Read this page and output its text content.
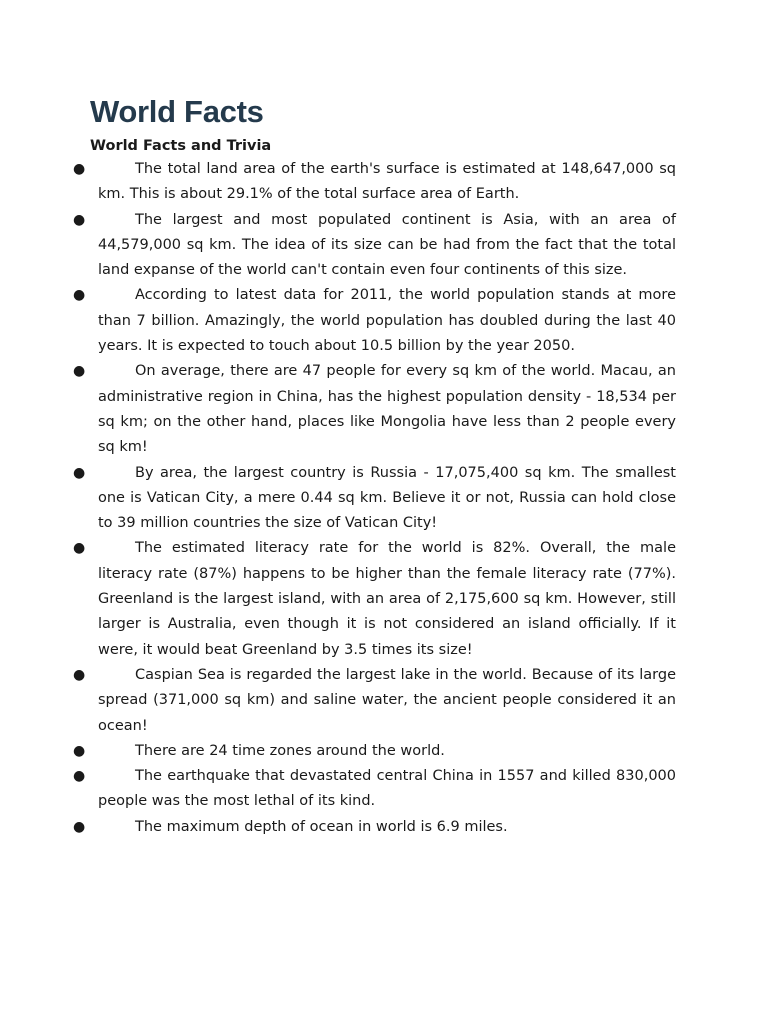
World Facts
World Facts and Trivia
●	The total land area of the earth's surface is estimated at 148,647,000 sq km. This is about 29.1% of the total surface area of Earth.
●	The largest and most populated continent is Asia, with an area of 44,579,000 sq km. The idea of its size can be had from the fact that the total land expanse of the world can't contain even four continents of this size.
●	According to latest data for 2011, the world population stands at more than 7 billion. Amazingly, the world population has doubled during the last 40 years. It is expected to touch about 10.5 billion by the year 2050.
●	On average, there are 47 people for every sq km of the world. Macau, an administrative region in China, has the highest population density - 18,534 per sq km; on the other hand, places like Mongolia have less than 2 people every sq km!
●	By area, the largest country is Russia - 17,075,400 sq km. The smallest one is Vatican City, a mere 0.44 sq km. Believe it or not, Russia can hold close to 39 million countries the size of Vatican City!
●	The estimated literacy rate for the world is 82%. Overall, the male literacy rate (87%) happens to be higher than the female literacy rate (77%). Greenland is the largest island, with an area of 2,175,600 sq km. However, still larger is Australia, even though it is not considered an island officially. If it were, it would beat Greenland by 3.5 times its size!
●	Caspian Sea is regarded the largest lake in the world. Because of its large spread (371,000 sq km) and saline water, the ancient people considered it an ocean!
●	There are 24 time zones around the world.
●	The earthquake that devastated central China in 1557 and killed 830,000 people was the most lethal of its kind.
●	The maximum depth of ocean in world is 6.9 miles.
